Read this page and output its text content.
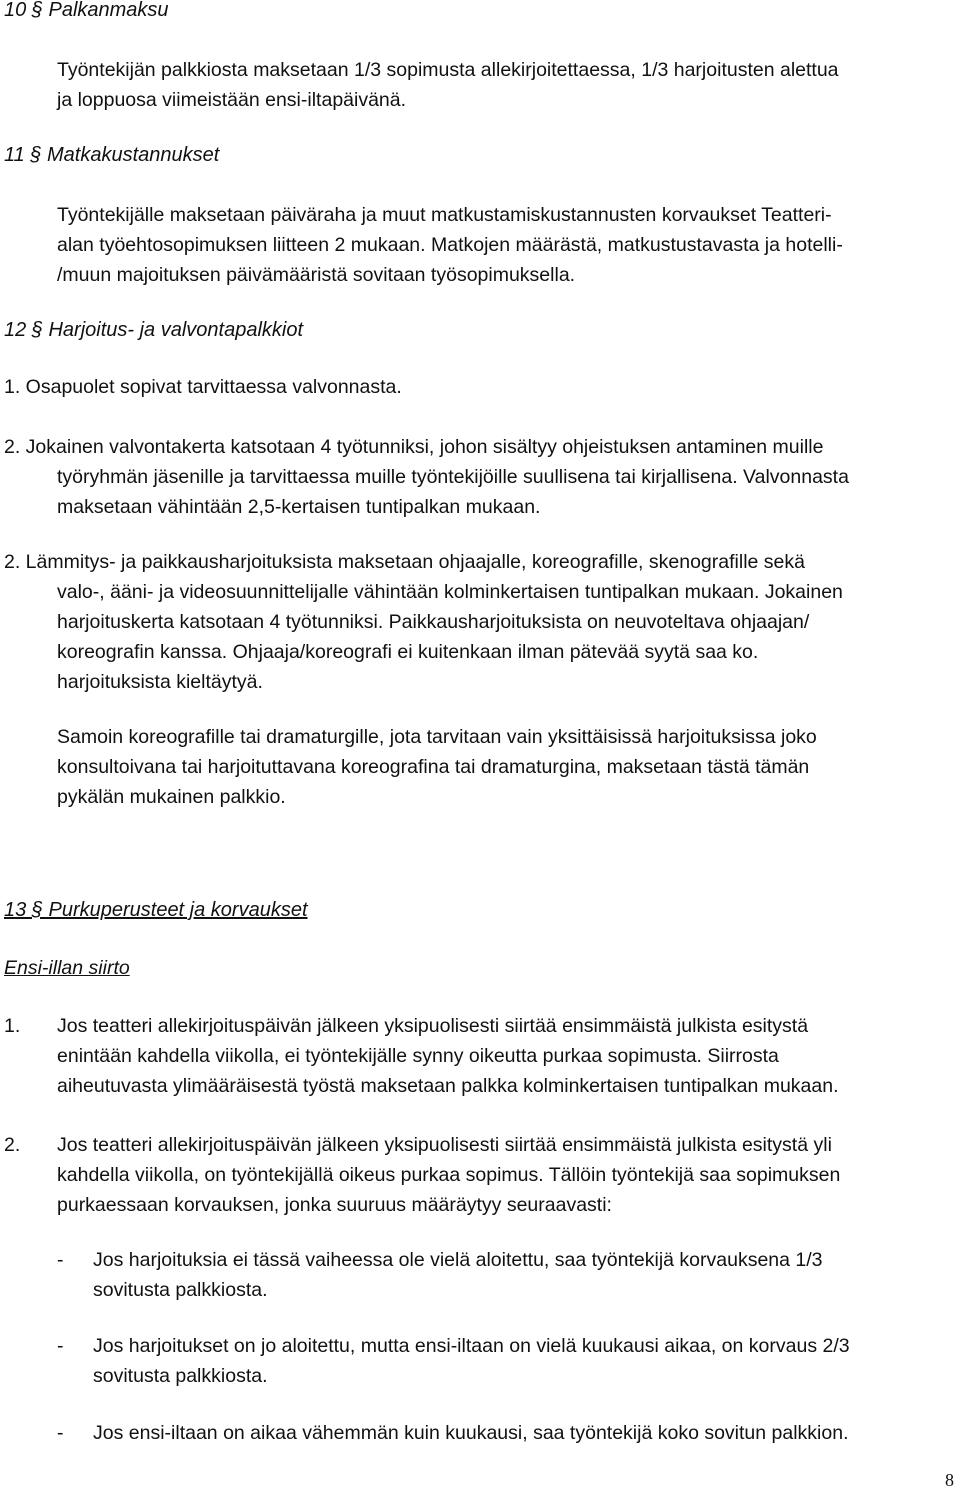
10 § Palkanmaksu
Työntekijän palkkiosta maksetaan 1/3 sopimusta allekirjoitettaessa, 1/3 harjoitusten alettua
ja loppuosa viimeistään ensi-iltapäivänä.
11 § Matkakustannukset
Työntekijälle maksetaan päiväraha ja muut matkustamiskustannusten korvaukset Teatteri-
alan työehtosopimuksen liitteen 2 mukaan. Matkojen määrästä, matkustustavasta ja hotelli-
/muun majoituksen päivämääristä sovitaan työsopimuksella.
12 § Harjoitus- ja valvontapalkkiot
1. Osapuolet sopivat tarvittaessa valvonnasta.
2. Jokainen valvontakerta katsotaan 4 työtunniksi, johon sisältyy ohjeistuksen antaminen muille
työryhmän jäsenille ja tarvittaessa muille työntekijöille suullisena tai kirjallisena. Valvonnasta
maksetaan vähintään 2,5-kertaisen tuntipalkan mukaan.
2. Lämmitys- ja paikkausharjoituksista maksetaan ohjaajalle, koreografille, skenografille sekä
valo-, ääni- ja videosuunnittelijalle vähintään kolminkertaisen tuntipalkan mukaan. Jokainen
harjoituskerta katsotaan 4 työtunniksi. Paikkausharjoituksista on neuvoteltava ohjaajan/
koreografin kanssa. Ohjaaja/koreografi ei kuitenkaan ilman pätevää syytä saa ko.
harjoituksista kieltäytyä.
Samoin koreografille tai dramaturgille, jota tarvitaan vain yksittäisissä harjoituksissa joko
konsultoivana tai harjoituttavana koreografina tai dramaturgina, maksetaan tästä tämän
pykälän mukainen palkkio.
13 § Purkuperusteet ja korvaukset
Ensi-illan siirto
1. Jos teatteri allekirjoituspäivän jälkeen yksipuolisesti siirtää ensimmäistä julkista esitystä
enintään kahdella viikolla, ei työntekijälle synny oikeutta purkaa sopimusta. Siirrosta
aiheutuvasta ylimääräisestä työstä maksetaan palkka kolminkertaisen tuntipalkan mukaan.
2. Jos teatteri allekirjoituspäivän jälkeen yksipuolisesti siirtää ensimmäistä julkista esitystä yli
kahdella viikolla, on työntekijällä oikeus purkaa sopimus. Tällöin työntekijä saa sopimuksen
purkaessaan korvauksen, jonka suuruus määräytyy seuraavasti:
- Jos harjoituksia ei tässä vaiheessa ole vielä aloitettu, saa työntekijä korvauksena 1/3
sovitusta palkkiosta.
- Jos harjoitukset on jo aloitettu, mutta ensi-iltaan on vielä kuukausi aikaa, on korvaus 2/3
sovitusta palkkiosta.
- Jos ensi-iltaan on aikaa vähemmän kuin kuukausi, saa työntekijä koko sovitun palkkion.
8
